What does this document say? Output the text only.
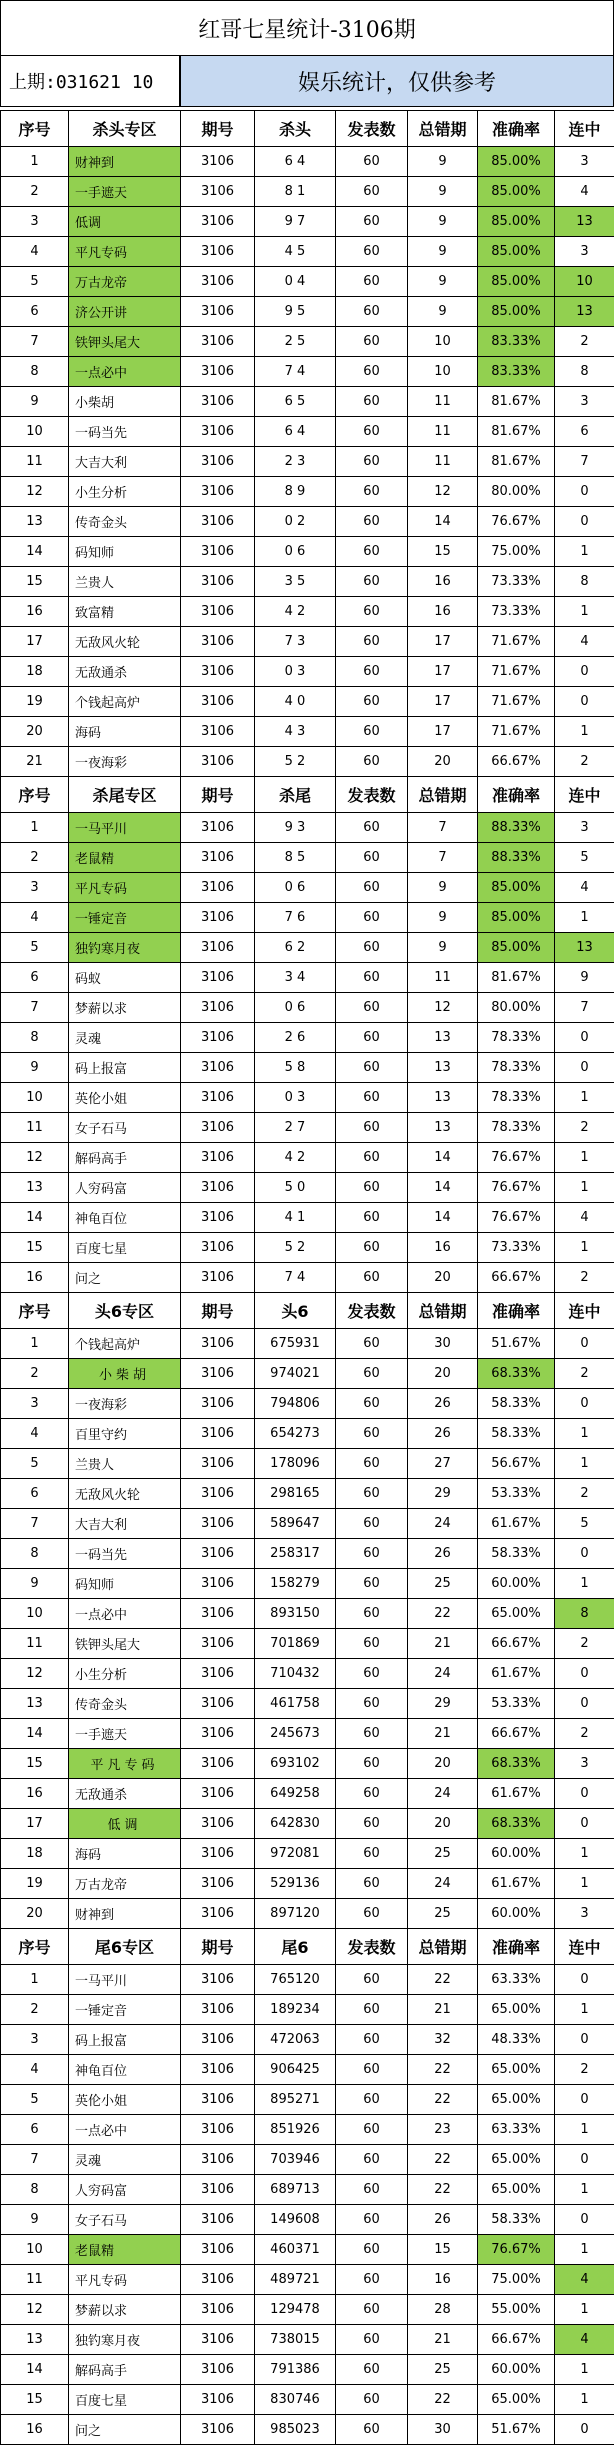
红哥七星统计-3106期
上期:031621 10	娱乐统计，仅供参考
序号	杀头专区	期号	杀头	发表数	总错期	准确率	连中
1	财神到	3106	6 4	60	9	85.00%	3
2	一手遮天	3106	8 1	60	9	85.00%	4
3	低调	3106	9 7	60	9	85.00%	13
4	平凡专码	3106	4 5	60	9	85.00%	3
5	万古龙帝	3106	0 4	60	9	85.00%	10
6	济公开讲	3106	9 5	60	9	85.00%	13
7	铁钾头尾大	3106	2 5	60	10	83.33%	2
8	一点必中	3106	7 4	60	10	83.33%	8
9	小柴胡	3106	6 5	60	11	81.67%	3
10	一码当先	3106	6 4	60	11	81.67%	6
11	大吉大利	3106	2 3	60	11	81.67%	7
12	小生分析	3106	8 9	60	12	80.00%	0
13	传奇金头	3106	0 2	60	14	76.67%	0
14	码知师	3106	0 6	60	15	75.00%	1
15	兰贵人	3106	3 5	60	16	73.33%	8
16	致富精	3106	4 2	60	16	73.33%	1
17	无敌风火轮	3106	7 3	60	17	71.67%	4
18	无敌通杀	3106	0 3	60	17	71.67%	0
19	个钱起高炉	3106	4 0	60	17	71.67%	0
20	海码	3106	4 3	60	17	71.67%	1
21	一夜海彩	3106	5 2	60	20	66.67%	2
序号	杀尾专区	期号	杀尾	发表数	总错期	准确率	连中
1	一马平川	3106	9 3	60	7	88.33%	3
2	老鼠精	3106	8 5	60	7	88.33%	5
3	平凡专码	3106	0 6	60	9	85.00%	4
4	一锤定音	3106	7 6	60	9	85.00%	1
5	独钓寒月夜	3106	6 2	60	9	85.00%	13
6	码蚁	3106	3 4	60	11	81.67%	9
7	梦薪以求	3106	0 6	60	12	80.00%	7
8	灵魂	3106	2 6	60	13	78.33%	0
9	码上报富	3106	5 8	60	13	78.33%	0
10	英伦小姐	3106	0 3	60	13	78.33%	1
11	女子石马	3106	2 7	60	13	78.33%	2
12	解码高手	3106	4 2	60	14	76.67%	1
13	人穷码富	3106	5 0	60	14	76.67%	1
14	神龟百位	3106	4 1	60	14	76.67%	4
15	百度七星	3106	5 2	60	16	73.33%	1
16	问之	3106	7 4	60	20	66.67%	2
序号	头6专区	期号	头6	发表数	总错期	准确率	连中
1	个钱起高炉	3106	675931	60	30	51.67%	0
2	小柴胡	3106	974021	60	20	68.33%	2
3	一夜海彩	3106	794806	60	26	58.33%	0
4	百里守约	3106	654273	60	26	58.33%	1
5	兰贵人	3106	178096	60	27	56.67%	1
6	无敌风火轮	3106	298165	60	29	53.33%	2
7	大吉大利	3106	589647	60	24	61.67%	5
8	一码当先	3106	258317	60	26	58.33%	0
9	码知师	3106	158279	60	25	60.00%	1
10	一点必中	3106	893150	60	22	65.00%	8
11	铁钾头尾大	3106	701869	60	21	66.67%	2
12	小生分析	3106	710432	60	24	61.67%	0
13	传奇金头	3106	461758	60	29	53.33%	0
14	一手遮天	3106	245673	60	21	66.67%	2
15	平凡专码	3106	693102	60	20	68.33%	3
16	无敌通杀	3106	649258	60	24	61.67%	0
17	低调	3106	642830	60	20	68.33%	0
18	海码	3106	972081	60	25	60.00%	1
19	万古龙帝	3106	529136	60	24	61.67%	1
20	财神到	3106	897120	60	25	60.00%	3
序号	尾6专区	期号	尾6	发表数	总错期	准确率	连中
1	一马平川	3106	765120	60	22	63.33%	0
2	一锤定音	3106	189234	60	21	65.00%	1
3	码上报富	3106	472063	60	32	48.33%	0
4	神龟百位	3106	906425	60	22	65.00%	2
5	英伦小姐	3106	895271	60	22	65.00%	0
6	一点必中	3106	851926	60	23	63.33%	1
7	灵魂	3106	703946	60	22	65.00%	0
8	人穷码富	3106	689713	60	22	65.00%	1
9	女子石马	3106	149608	60	26	58.33%	0
10	老鼠精	3106	460371	60	15	76.67%	1
11	平凡专码	3106	489721	60	16	75.00%	4
12	梦薪以求	3106	129478	60	28	55.00%	1
13	独钓寒月夜	3106	738015	60	21	66.67%	4
14	解码高手	3106	791386	60	25	60.00%	1
15	百度七星	3106	830746	60	22	65.00%	1
16	问之	3106	985023	60	30	51.67%	0
